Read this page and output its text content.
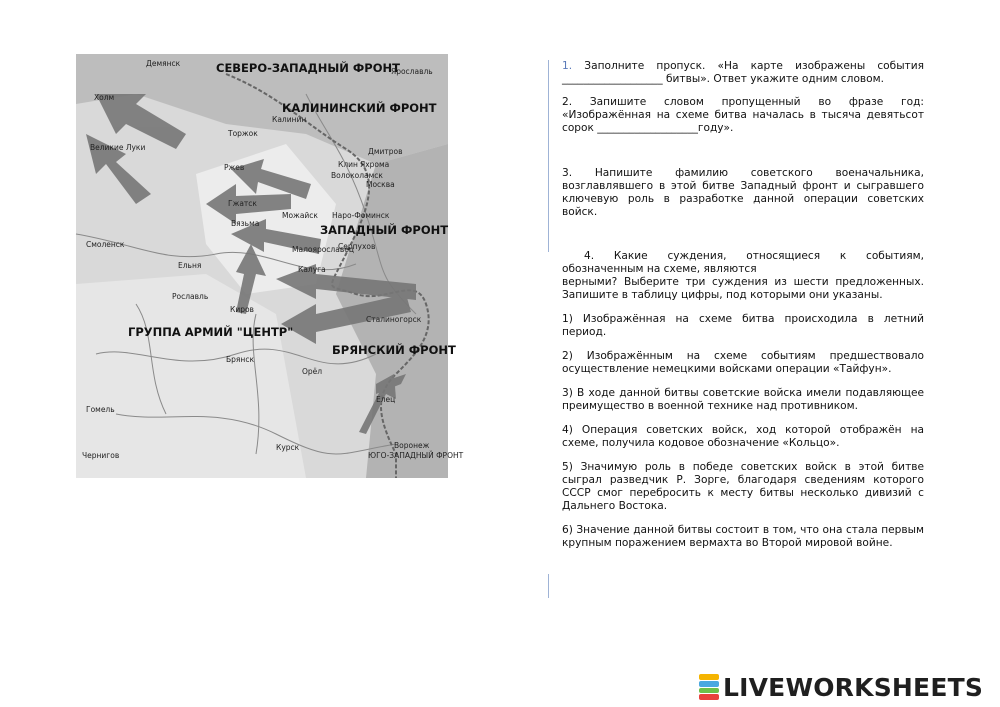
СЕВЕРО-ЗАПАДНЫЙ ФРОНТ
КАЛИНИНСКИЙ ФРОНТ
ЗАПАДНЫЙ ФРОНТ
ГРУППА АРМИЙ "ЦЕНТР"
БРЯНСКИЙ ФРОНТ
ЮГО-ЗАПАДНЫЙ ФРОНТ
Демянск
Холм
Торжок
Калинин
Ярославль
Дмитров
Клин Яхрома
Волоколамск
Москва
Ржев
Гжатск
Вязьма
Можайск Нaро-Фоминск
Малоярославец
Серпухов
Калуга
Сталиногорск
Великие Луки
Смоленск
Ельня
Рославль
Киров
Брянск
Орёл
Елец
Гомель
Чернигов
Курск	Воронеж

1. Заполните пропуск. «На карте изображены события ___________________ битвы». Ответ укажите одним словом.

2. Запишите словом пропущенный во фразе год: «Изображённая на схеме битва началась в тысяча девятьсот сорок ___________________году».

3. Напишите фамилию советского военачальника, возглавлявшего в этой битве Западный фронт и сыгравшего ключевую роль в разработке данной операции советских войск.

4. Какие суждения, относящиеся к событиям, обозначенным на схеме, являются

верными? Выберите три суждения из шести предложенных. Запишите в таблицу цифры, под которыми они указаны.

1) Изображённая на схеме битва происходила в летний период.

2) Изображённым на схеме событиям предшествовало осуществление немецкими войсками операции «Тайфун».

3) В ходе данной битвы советские войска имели подавляющее преимущество в военной технике над противником.

4) Операция советских войск, ход которой отображён на схеме, получила кодовое обозначение «Кольцо».

5) Значимую роль в победе советских войск в этой битве сыграл разведчик Р. Зорге, благодаря сведениям которого СССР смог перебросить к месту битвы несколько дивизий с Дальнего Востока.

6) Значение данной битвы состоит в том, что она стала первым крупным поражением вермахта во Второй мировой войне.

LIVEWORKSHEETS
